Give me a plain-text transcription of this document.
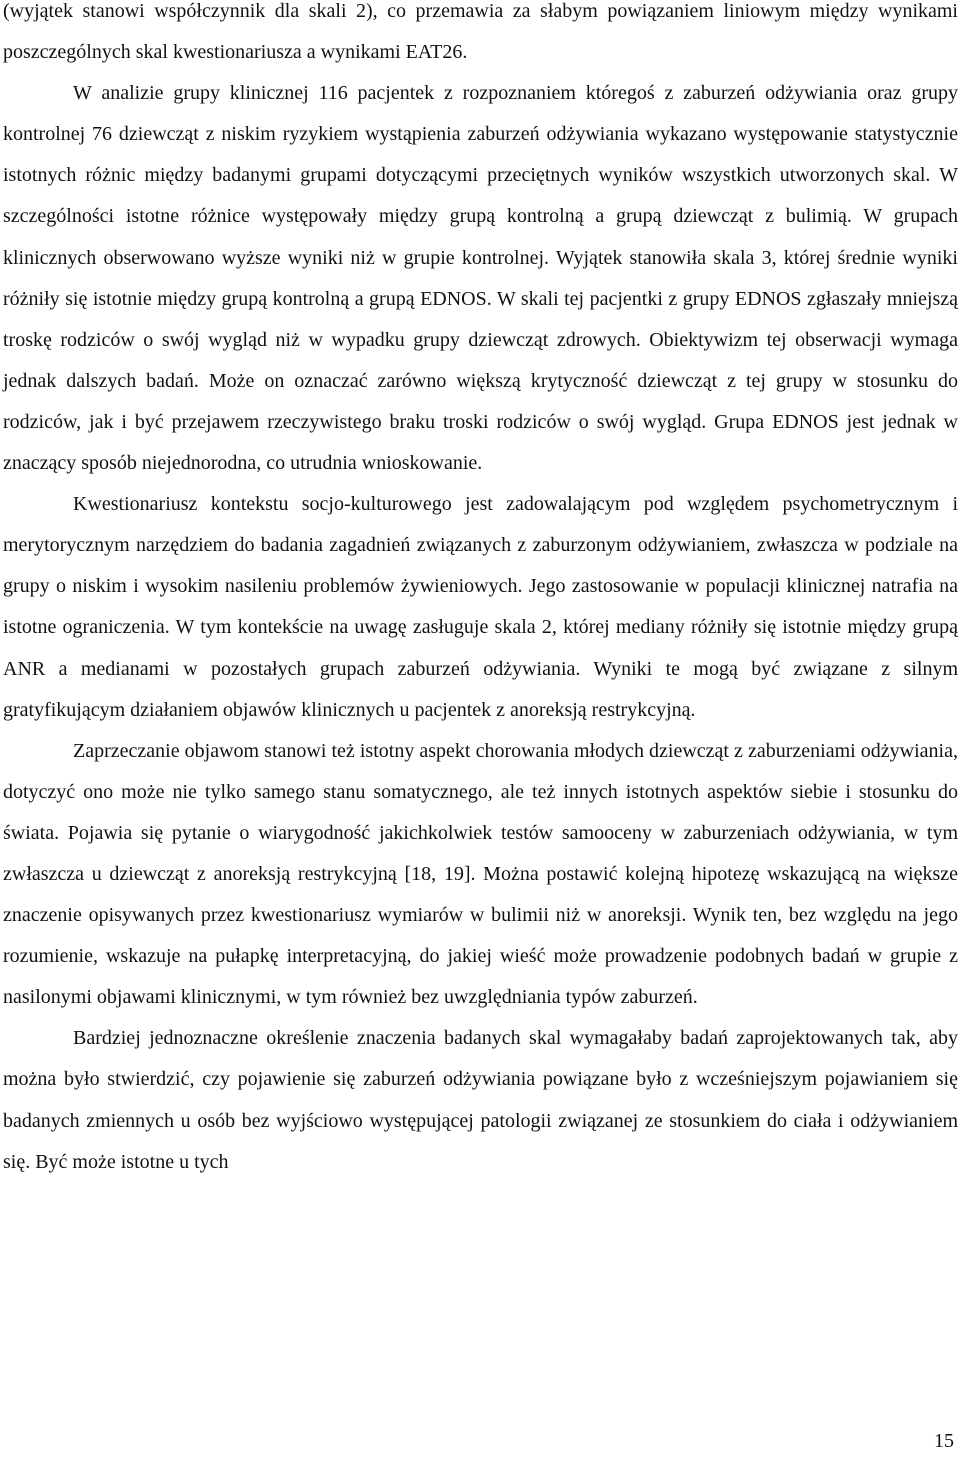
(wyjątek stanowi współczynnik dla skali 2), co przemawia za słabym powiązaniem liniowym między wynikami poszczególnych skal kwestionariusza a wynikami EAT26.

W analizie grupy klinicznej 116 pacjentek z rozpoznaniem któregoś z zaburzeń odżywiania oraz grupy kontrolnej 76 dziewcząt z niskim ryzykiem wystąpienia zaburzeń odżywiania wykazano występowanie statystycznie istotnych różnic między badanymi grupami dotyczącymi przeciętnych wyników wszystkich utworzonych skal. W szczególności istotne różnice występowały między grupą kontrolną a grupą dziewcząt z bulimią. W grupach klinicznych obserwowano wyższe wyniki niż w grupie kontrolnej. Wyjątek stanowiła skala 3, której średnie wyniki różniły się istotnie między grupą kontrolną a grupą EDNOS. W skali tej pacjentki z grupy EDNOS zgłaszały mniejszą troskę rodziców o swój wygląd niż w wypadku grupy dziewcząt zdrowych. Obiektywizm tej obserwacji wymaga jednak dalszych badań. Może on oznaczać zarówno większą krytyczność dziewcząt z tej grupy w stosunku do rodziców, jak i być przejawem rzeczywistego braku troski rodziców o swój wygląd. Grupa EDNOS jest jednak w znaczący sposób niejednorodna, co utrudnia wnioskowanie.

Kwestionariusz kontekstu socjo-kulturowego jest zadowalającym pod względem psychometrycznym i merytorycznym narzędziem do badania zagadnień związanych z zaburzonym odżywianiem, zwłaszcza w podziale na grupy o niskim i wysokim nasileniu problemów żywieniowych. Jego zastosowanie w populacji klinicznej natrafia na istotne ograniczenia. W tym kontekście na uwagę zasługuje skala 2, której mediany różniły się istotnie między grupą ANR a medianami w pozostałych grupach zaburzeń odżywiania. Wyniki te mogą być związane z silnym gratyfikującym działaniem objawów klinicznych u pacjentek z anoreksją restrykcyjną.

Zaprzeczanie objawom stanowi też istotny aspekt chorowania młodych dziewcząt z zaburzeniami odżywiania, dotyczyć ono może nie tylko samego stanu somatycznego, ale też innych istotnych aspektów siebie i stosunku do świata. Pojawia się pytanie o wiarygodność jakichkolwiek testów samooceny w zaburzeniach odżywiania, w tym zwłaszcza u dziewcząt z anoreksją restrykcyjną [18, 19]. Można postawić kolejną hipotezę wskazującą na większe znaczenie opisywanych przez kwestionariusz wymiarów w bulimii niż w anoreksji. Wynik ten, bez względu na jego rozumienie, wskazuje na pułapkę interpretacyjną, do jakiej wieść może prowadzenie podobnych badań w grupie z nasilonymi objawami klinicznymi, w tym również bez uwzględniania typów zaburzeń.

Bardziej jednoznaczne określenie znaczenia badanych skal wymagałaby badań zaprojektowanych tak, aby można było stwierdzić, czy pojawienie się zaburzeń odżywiania powiązane było z wcześniejszym pojawianiem się badanych zmiennych u osób bez wyjściowo występującej patologii związanej ze stosunkiem do ciała i odżywianiem się. Być może istotne u tych

15
